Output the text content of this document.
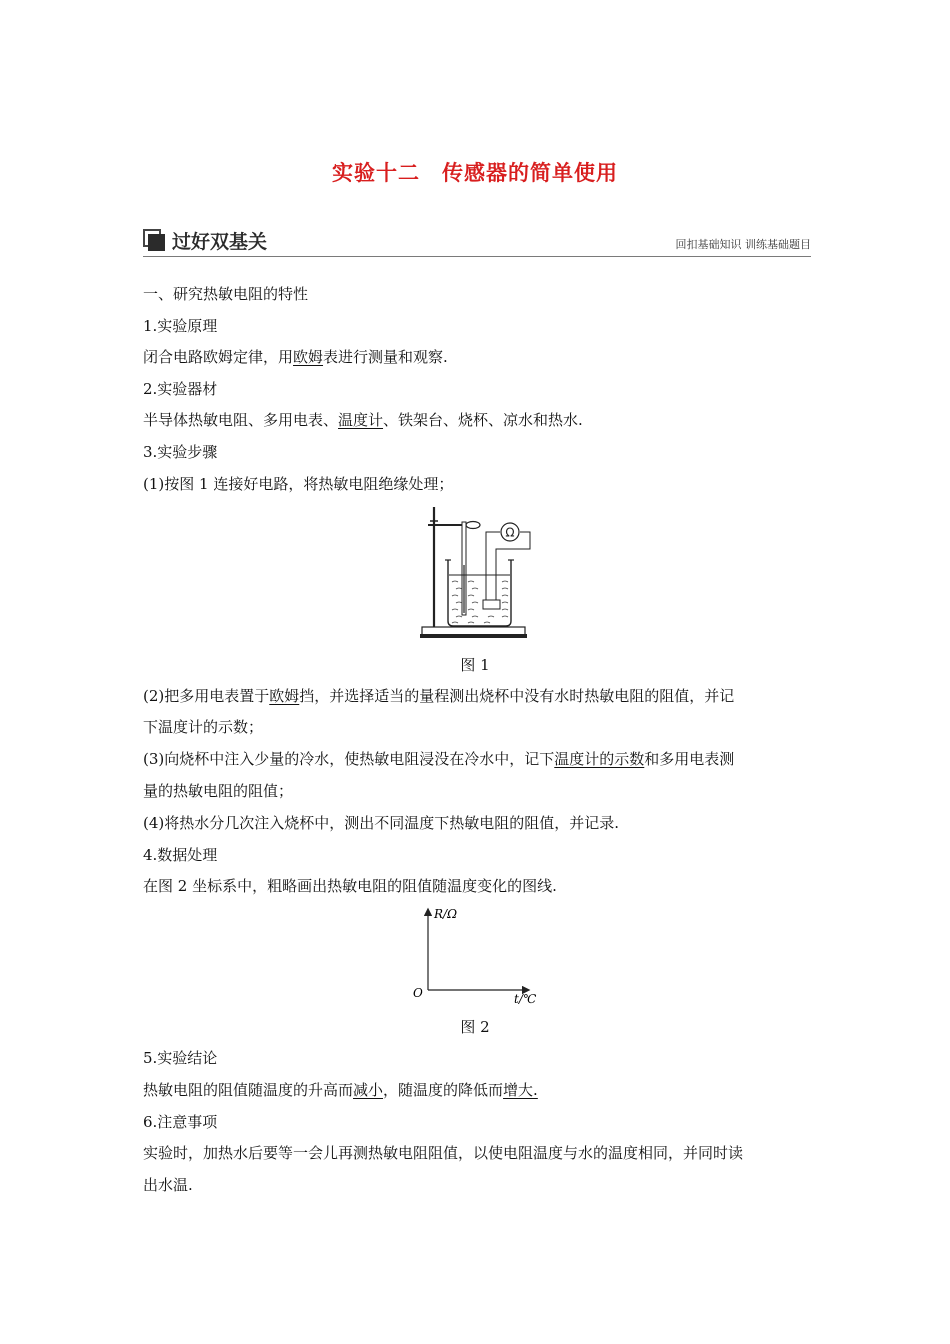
实验十二 传感器的简单使用
过好双基关	回扣基础知识 训练基础题目
一、研究热敏电阻的特性
1.实验原理
闭合电路欧姆定律，用欧姆表进行测量和观察.
2.实验器材
半导体热敏电阻、多用电表、温度计、铁架台、烧杯、凉水和热水.
3.实验步骤
(1)按图 1 连接好电路，将热敏电阻绝缘处理；
Ω
图 1
(2)把多用电表置于欧姆挡，并选择适当的量程测出烧杯中没有水时热敏电阻的阻值，并记
下温度计的示数；
(3)向烧杯中注入少量的冷水，使热敏电阻浸没在冷水中，记下温度计的示数和多用电表测
量的热敏电阻的阻值；
(4)将热水分几次注入烧杯中，测出不同温度下热敏电阻的阻值，并记录.
4.数据处理
在图 2 坐标系中，粗略画出热敏电阻的阻值随温度变化的图线.
R/Ω
t/℃
O
图 2
5.实验结论
热敏电阻的阻值随温度的升高而减小，随温度的降低而增大.
6.注意事项
实验时，加热水后要等一会儿再测热敏电阻阻值，以使电阻温度与水的温度相同，并同时读
出水温.
